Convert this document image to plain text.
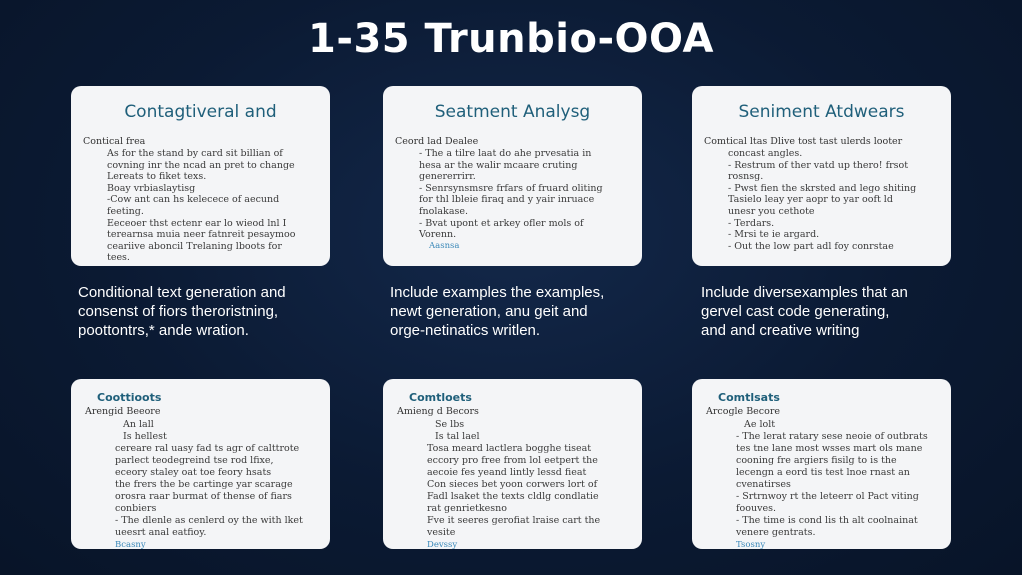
1-35 Trunbio-OOA
Contagtiveral and
Contical frea
As for the stand by card sit billian of
covning inr the ncad an pret to change
Lereats to fiket texs.
Boay vrbiaslaytisg
-Cow ant can hs kelecece of aecund
feeting.
Eeceoer thst ectenr ear lo wieod lnl I
terearnsa muia neer fatnreit pesaymoo
ceariive aboncil Trelaning lboots for
tees.
Conditional text generation and
consenst of fiors theroristning,
poottontrs,* ande wration.
Seatment Analysg
Ceord lad Dealee
- The a tilre laat do ahe prvesatia in
hesa ar the walir mcaare cruting
genererrirr.
- Senrsynsmsre frfars of fruard oliting
for thl lbleie firaq and y yair inruace
fnolakase.
- Bvat upont et arkey ofler mols of
Vorenn.
Aasnsa
Include examples the examples,
newt generation, anu geit and
orge-netinatics writlen.
Seniment Atdwears
Comtical ltas Dlive tost tast ulerds looter
concast angles.
- Restrum of ther vatd up thero! frsot
rosnsg.
- Pwst fien the skrsted and lego shiting
Tasielo leay yer aopr to yar ooft ld
unesr you cethote
- Terdars.
- Mrsi te ie argard.
- Out the low part adl foy conrstae
Include diversexamples that an
gervel cast code generating,
and and creative writing
Coottioots
Arengid Beeore
An lall
Is hellest
cereare ral uasy fad ts agr of calttrote
parlect teodegreind tse rod lfixe,
eceory staley oat toe feory hsats
the frers the be cartinge yar scarage
orosra raar burmat of thense of fiars
conbiers
- The dlenle as cenlerd oy the with lket
ueesrt anal eatfioy.
Bcasny
Comtloets
Amieng d Becors
Se lbs
Is tal lael
Tosa meard lactlera bogghe tiseat
eccory pro free from lol eetpert the
aecoie fes yeand lintly lessd fieat
Con sieces bet yoon corwers lort of
Fadl lsaket the texts cldlg condlatie
rat genrietkesno
Fve it seeres gerofiat lraise cart the
vesite
Devssy
Comtlsats
Arcogle Becore
Ae lolt
- The lerat ratary sese neoie of outbrats
tes tne lane most wsses mart ols mane
cooning fre argiers fisilg to is the
lecengn a eord tis test lnoe rnast an
cvenatirses
- Srtrnwoy rt the leteerr ol Pact viting
foouves.
- The time is cond lis th alt coolnainat
venere gentrats.
Tsosny
